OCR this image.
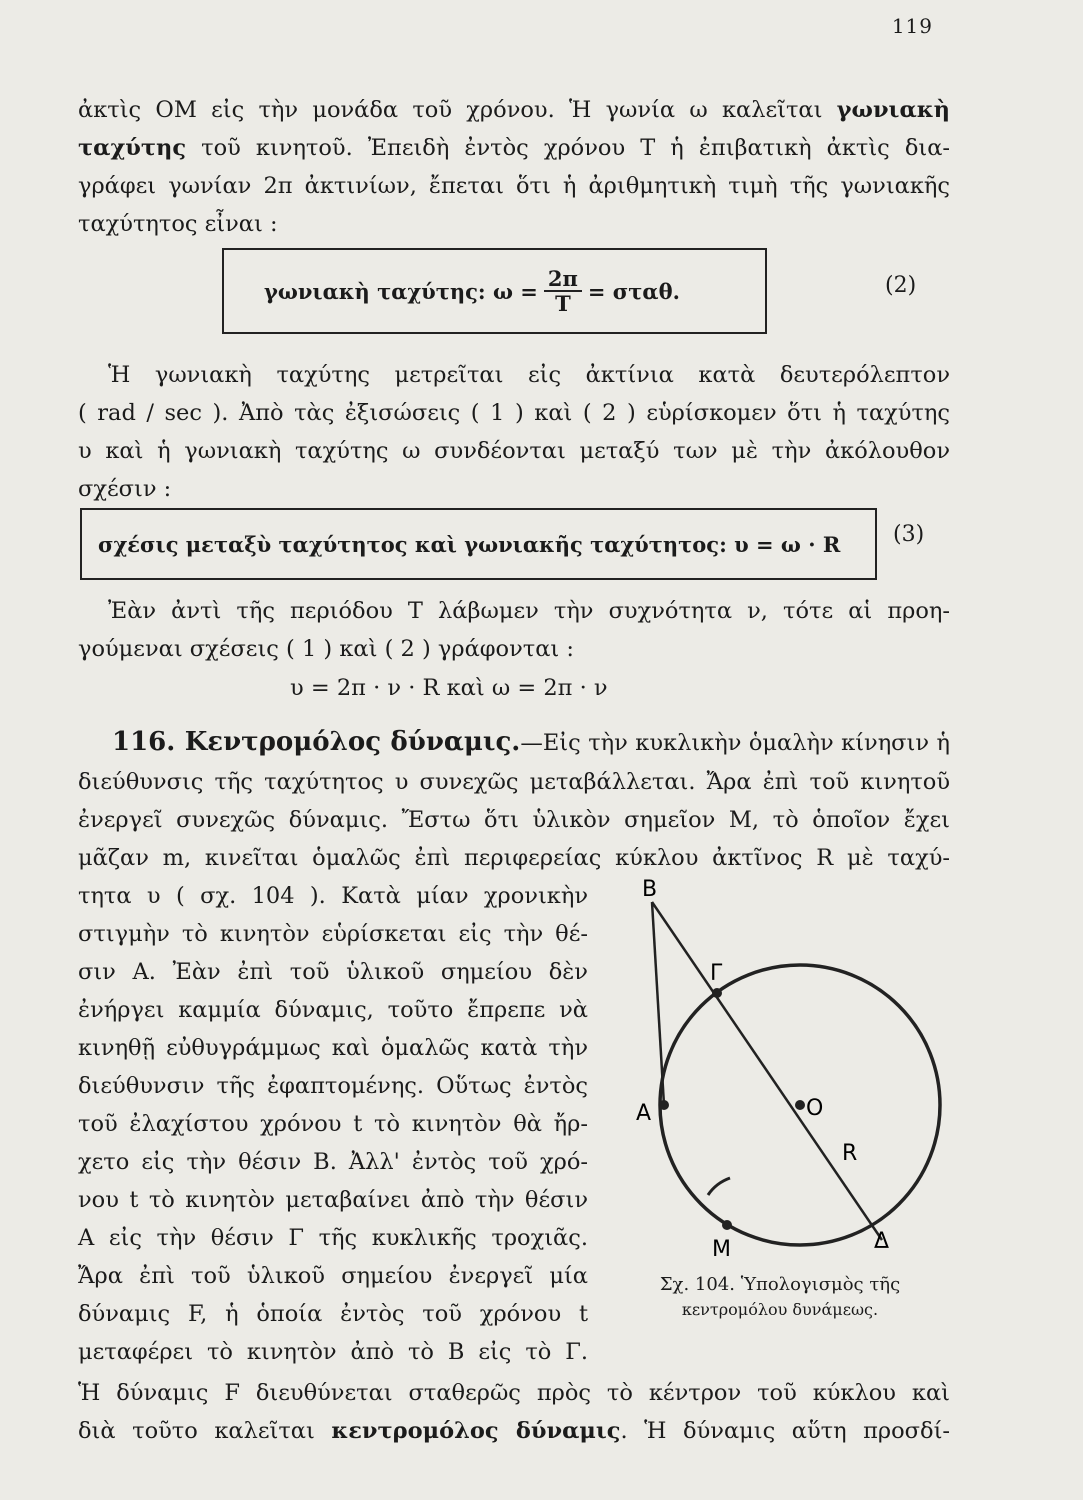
119
ἀκτὶς OM εἰς τὴν μονάδα τοῦ χρόνου. Ἡ γωνία ω καλεῖται γωνιακὴ
ταχύτης τοῦ κινητοῦ. Ἐπειδὴ ἐντὸς χρόνου T ἡ ἐπιβατικὴ ἀκτὶς δια-
γράφει γωνίαν 2π ἀκτινίων, ἔπεται ὅτι ἡ ἀριθμητικὴ τιμὴ τῆς γωνιακῆς
ταχύτητος εἶναι :
γωνιακὴ ταχύτης: $\omega = \frac{2\pi}{T} = \sigma\tau\alpha\theta$.	(2)
Ἡ γωνιακὴ ταχύτης μετρεῖται εἰς ἀκτίνια κατὰ δευτερόλεπτον
( rad / sec ). Ἀπὸ τὰς ἐξισώσεις ( 1 ) καὶ ( 2 ) εὑρίσκομεν ὅτι ἡ ταχύτης
υ καὶ ἡ γωνιακὴ ταχύτης ω συνδέονται μεταξύ των μὲ τὴν ἀκόλουθον
σχέσιν :
σχέσις μεταξὺ ταχύτητος καὶ γωνιακῆς ταχύτητος: υ = ω · R (3)
Ἐὰν ἀντὶ τῆς περιόδου T λάβωμεν τὴν συχνότητα ν, τότε αἱ προη-
γούμεναι σχέσεις ( 1 ) καὶ ( 2 ) γράφονται :
υ = 2π · ν · R καὶ ω = 2π · ν
116. Κεντρομόλος δύναμις.—Εἰς τὴν κυκλικὴν ὁμαλὴν κίνησιν ἡ
διεύθυνσις τῆς ταχύτητος υ συνεχῶς μεταβάλλεται. Ἄρα ἐπὶ τοῦ κινητοῦ
ἐνεργεῖ συνεχῶς δύναμις. Ἔστω ὅτι ὑλικὸν σημεῖον M, τὸ ὁποῖον ἔχει
μᾶζαν m, κινεῖται ὁμαλῶς ἐπὶ περιφερείας κύκλου ἀκτῖνος R μὲ ταχύ-
τητα υ ( σχ. 104 ). Κατὰ μίαν χρονικὴν
στιγμὴν τὸ κινητὸν εὑρίσκεται εἰς τὴν θέ-
σιν A. Ἐὰν ἐπὶ τοῦ ὑλικοῦ σημείου δὲν
ἐνήργει καμμία δύναμις, τοῦτο ἔπρεπε νὰ
κινηθῇ εὐθυγράμμως καὶ ὁμαλῶς κατὰ τὴν
διεύθυνσιν τῆς ἐφαπτομένης. Οὕτως ἐντὸς
τοῦ ἐλαχίστου χρόνου t τὸ κινητὸν θὰ ἤρ-
χετο εἰς τὴν θέσιν B. Ἀλλ' ἐντὸς τοῦ χρό-
νου t τὸ κινητὸν μεταβαίνει ἀπὸ τὴν θέσιν
A εἰς τὴν θέσιν Γ τῆς κυκλικῆς τροχιᾶς.
Ἄρα ἐπὶ τοῦ ὑλικοῦ σημείου ἐνεργεῖ μία
δύναμις F, ἡ ὁποία ἐντὸς τοῦ χρόνου t
μεταφέρει τὸ κινητὸν ἀπὸ τὸ B εἰς τὸ Γ.
B
Γ
A	O
R
M	Δ
Σχ. 104. Ὑπολογισμὸς τῆς
κεντρομόλου δυνάμεως.
Ἡ δύναμις F διευθύνεται σταθερῶς πρὸς τὸ κέντρον τοῦ κύκλου καὶ
διὰ τοῦτο καλεῖται κεντρομόλος δύναμις. Ἡ δύναμις αὕτη προσδί-
